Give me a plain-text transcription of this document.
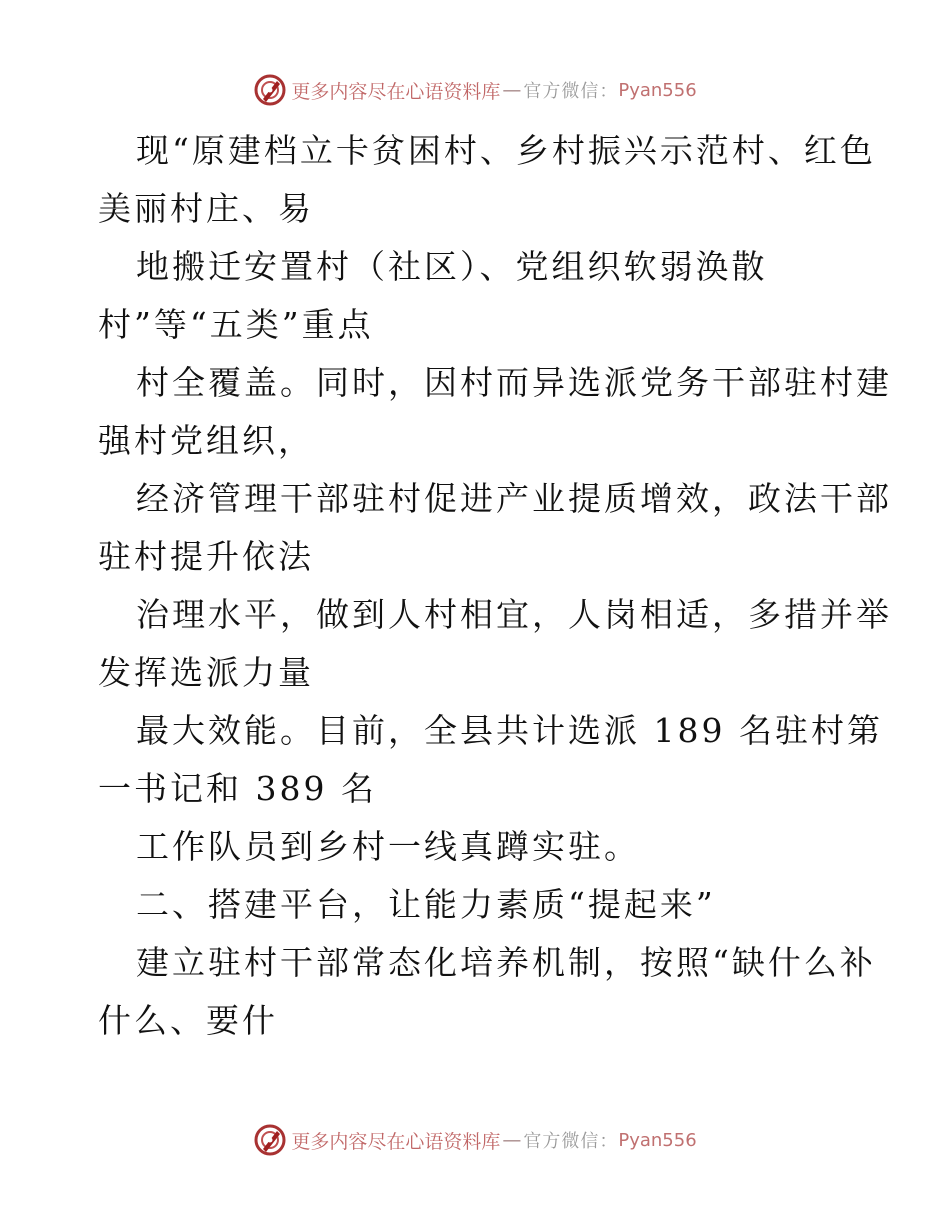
更多内容尽在心语资料库 — 官方微信： Pyan556
现“原建档立卡贫困村、乡村振兴示范村、红色
美丽村庄、易
地搬迁安置村（社区）、党组织软弱涣散
村”等“五类”重点
村全覆盖。同时，因村而异选派党务干部驻村建
强村党组织，
经济管理干部驻村促进产业提质增效，政法干部
驻村提升依法
治理水平，做到人村相宜，人岗相适，多措并举
发挥选派力量
最大效能。目前，全县共计选派 189 名驻村第
一书记和 389 名
工作队员到乡村一线真蹲实驻。
二、搭建平台，让能力素质“提起来”
建立驻村干部常态化培养机制，按照“缺什么补
什么、要什
更多内容尽在心语资料库 — 官方微信： Pyan556
